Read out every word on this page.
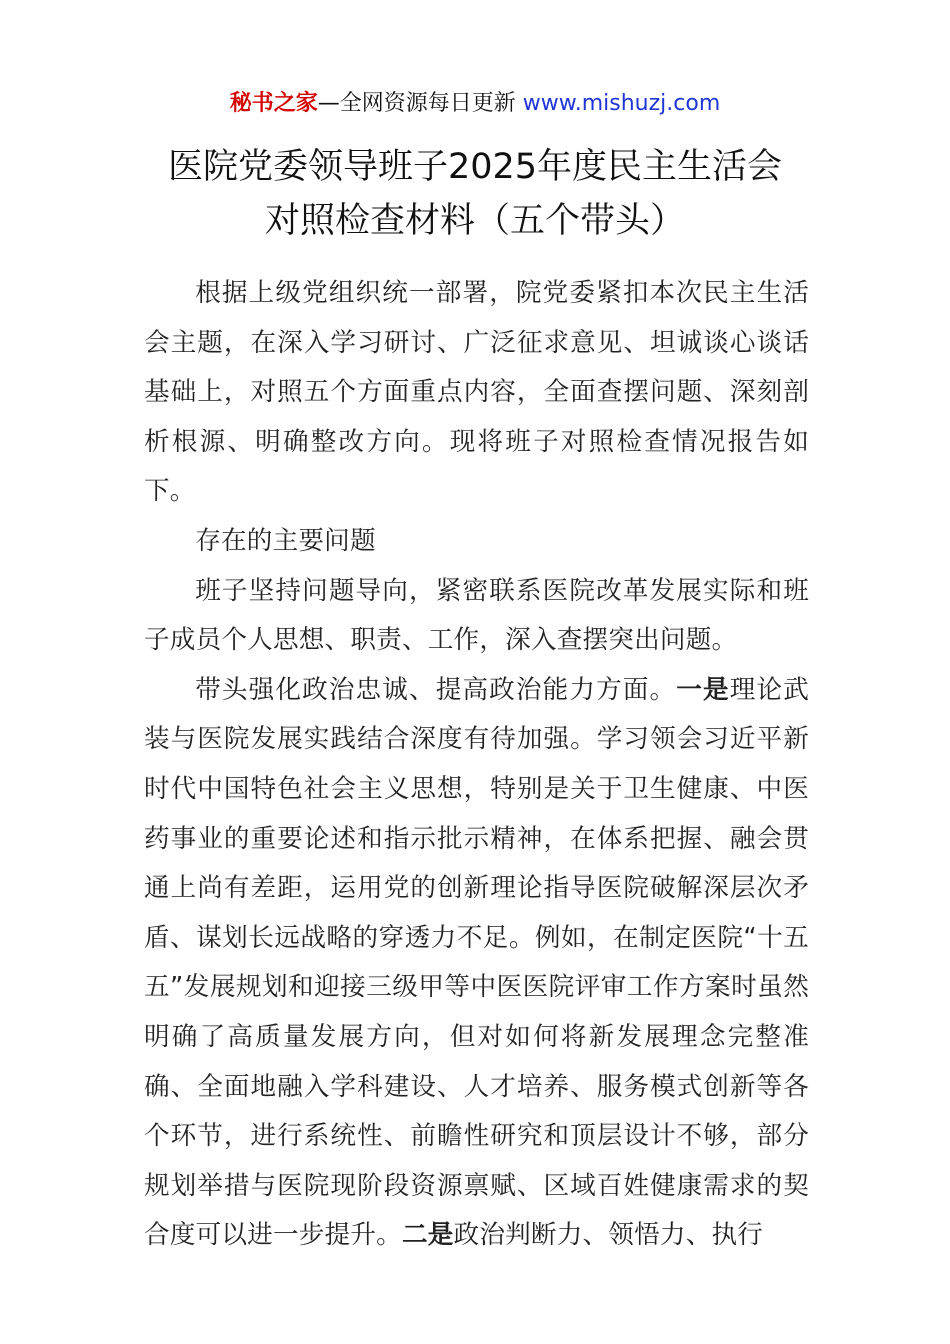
秘书之家—全网资源每日更新 www.mishuzj.com
医院党委领导班子2025年度民主生活会
对照检查材料（五个带头）

根据上级党组织统一部署，院党委紧扣本次民主生活会主题，在深入学习研讨、广泛征求意见、坦诚谈心谈话基础上，对照五个方面重点内容，全面查摆问题、深刻剖析根源、明确整改方向。现将班子对照检查情况报告如下。

存在的主要问题

班子坚持问题导向，紧密联系医院改革发展实际和班子成员个人思想、职责、工作，深入查摆突出问题。

带头强化政治忠诚、提高政治能力方面。一是理论武装与医院发展实践结合深度有待加强。学习领会习近平新时代中国特色社会主义思想，特别是关于卫生健康、中医药事业的重要论述和指示批示精神，在体系把握、融会贯通上尚有差距，运用党的创新理论指导医院破解深层次矛盾、谋划长远战略的穿透力不足。例如，在制定医院“十五五”发展规划和迎接三级甲等中医医院评审工作方案时虽然明确了高质量发展方向，但对如何将新发展理念完整准确、全面地融入学科建设、人才培养、服务模式创新等各个环节，进行系统性、前瞻性研究和顶层设计不够，部分规划举措与医院现阶段资源禀赋、区域百姓健康需求的契合度可以进一步提升。二是政治判断力、领悟力、执行
